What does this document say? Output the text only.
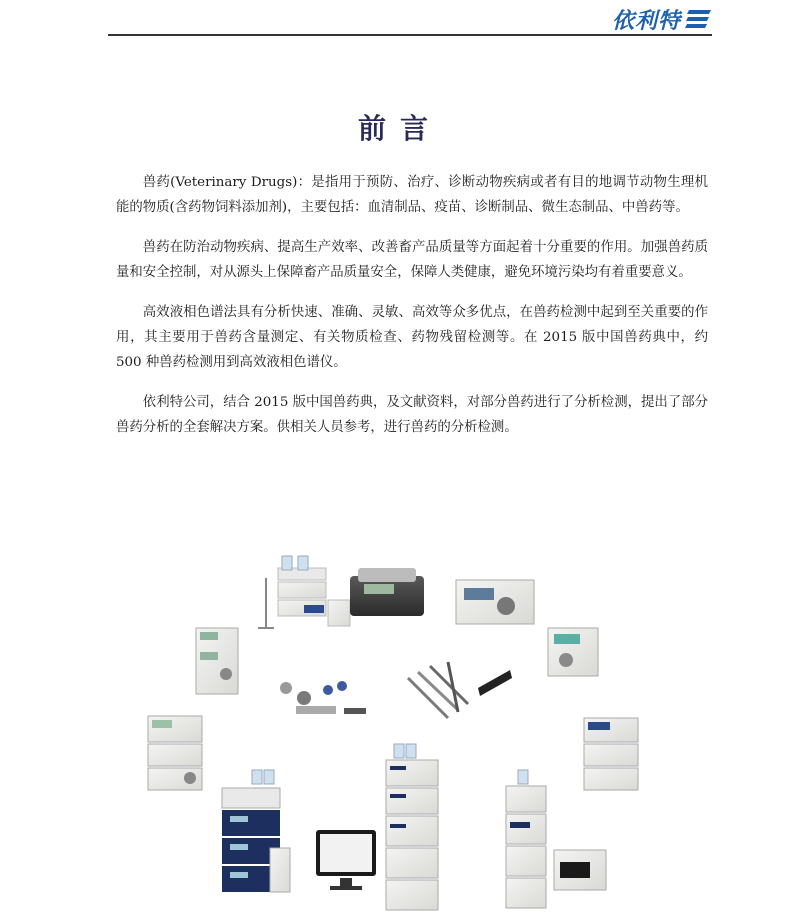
依利特
前言

兽药(Veterinary Drugs)：是指用于预防、治疗、诊断动物疾病或者有目的地调节动物生理机能的物质(含药物饲料添加剂)，主要包括：血清制品、疫苗、诊断制品、微生态制品、中兽药等。

兽药在防治动物疾病、提高生产效率、改善畜产品质量等方面起着十分重要的作用。加强兽药质量和安全控制，对从源头上保障畜产品质量安全，保障人类健康，避免环境污染均有着重要意义。

高效液相色谱法具有分析快速、准确、灵敏、高效等众多优点，在兽药检测中起到至关重要的作用，其主要用于兽药含量测定、有关物质检查、药物残留检测等。在 2015 版中国兽药典中，约 500 种兽药检测用到高效液相色谱仪。

依利特公司，结合 2015 版中国兽药典，及文献资料，对部分兽药进行了分析检测，提出了部分兽药分析的全套解决方案。供相关人员参考，进行兽药的分析检测。
